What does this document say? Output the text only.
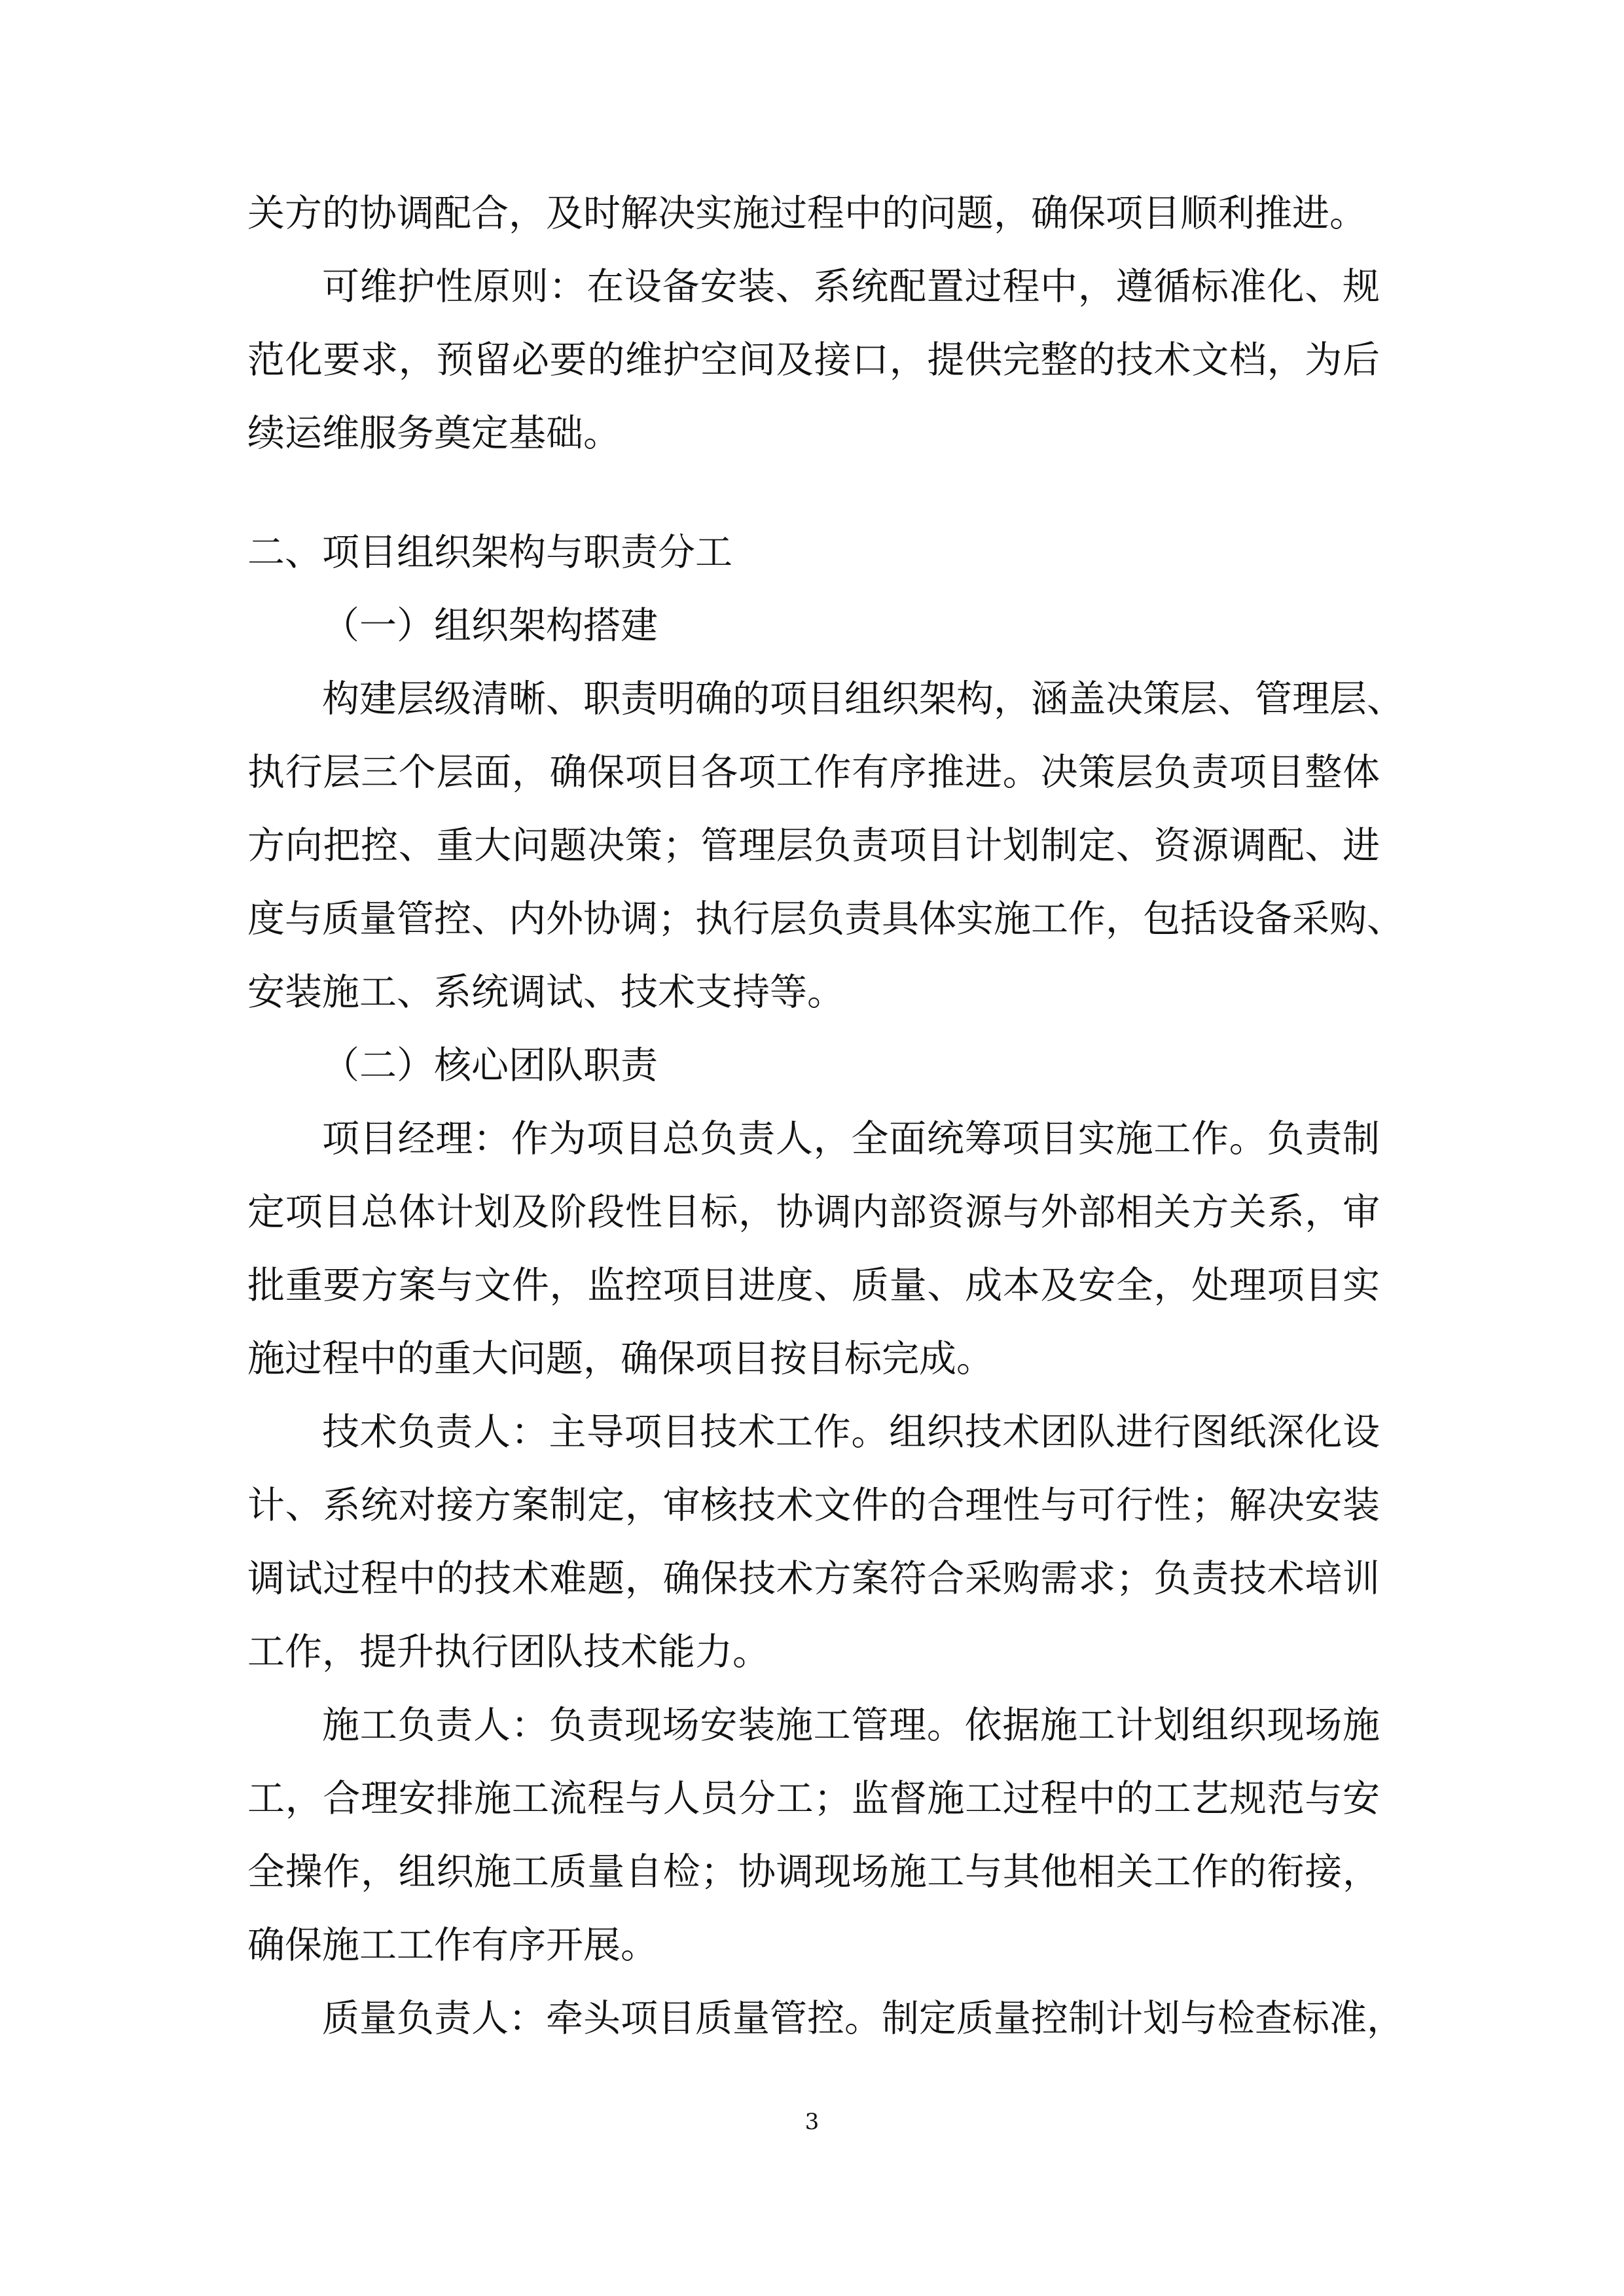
关方的协调配合，及时解决实施过程中的问题，确保项目顺利推进。
可维护性原则：在设备安装、系统配置过程中，遵循标准化、规
范化要求，预留必要的维护空间及接口，提供完整的技术文档，为后
续运维服务奠定基础。
二、项目组织架构与职责分工
（一）组织架构搭建
构建层级清晰、职责明确的项目组织架构，涵盖决策层、管理层、
执行层三个层面，确保项目各项工作有序推进。决策层负责项目整体
方向把控、重大问题决策；管理层负责项目计划制定、资源调配、进
度与质量管控、内外协调；执行层负责具体实施工作，包括设备采购、
安装施工、系统调试、技术支持等。
（二）核心团队职责
项目经理：作为项目总负责人，全面统筹项目实施工作。负责制
定项目总体计划及阶段性目标，协调内部资源与外部相关方关系，审
批重要方案与文件，监控项目进度、质量、成本及安全，处理项目实
施过程中的重大问题，确保项目按目标完成。
技术负责人：主导项目技术工作。组织技术团队进行图纸深化设
计、系统对接方案制定，审核技术文件的合理性与可行性；解决安装
调试过程中的技术难题，确保技术方案符合采购需求；负责技术培训
工作，提升执行团队技术能力。
施工负责人：负责现场安装施工管理。依据施工计划组织现场施
工，合理安排施工流程与人员分工；监督施工过程中的工艺规范与安
全操作，组织施工质量自检；协调现场施工与其他相关工作的衔接，
确保施工工作有序开展。
质量负责人：牵头项目质量管控。制定质量控制计划与检查标准，
3
